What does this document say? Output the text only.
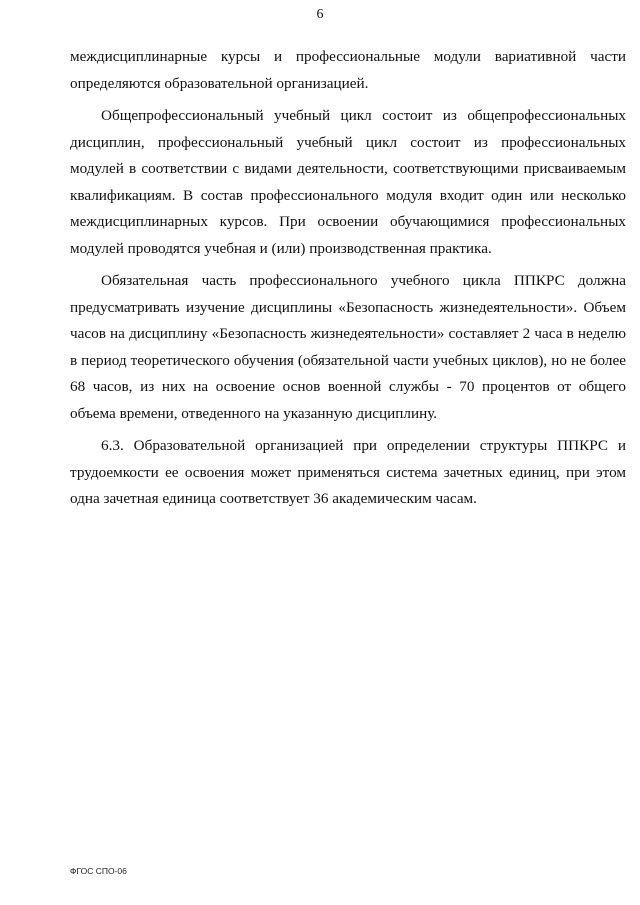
6

междисциплинарные курсы и профессиональные модули вариативной части определяются образовательной организацией.

Общепрофессиональный учебный цикл состоит из общепрофессиональных дисциплин, профессиональный учебный цикл состоит из профессиональных модулей в соответствии с видами деятельности, соответствующими присваиваемым квалификациям. В состав профессионального модуля входит один или несколько междисциплинарных курсов. При освоении обучающимися профессиональных модулей проводятся учебная и (или) производственная практика.

Обязательная часть профессионального учебного цикла ППКРС должна предусматривать изучение дисциплины «Безопасность жизнедеятельности». Объем часов на дисциплину «Безопасность жизнедеятельности» составляет 2 часа в неделю в период теоретического обучения (обязательной части учебных циклов), но не более 68 часов, из них на освоение основ военной службы - 70 процентов от общего объема времени, отведенного на указанную дисциплину.

6.3. Образовательной организацией при определении структуры ППКРС и трудоемкости ее освоения может применяться система зачетных единиц, при этом одна зачетная единица соответствует 36 академическим часам.

ФГОС СПО-06
